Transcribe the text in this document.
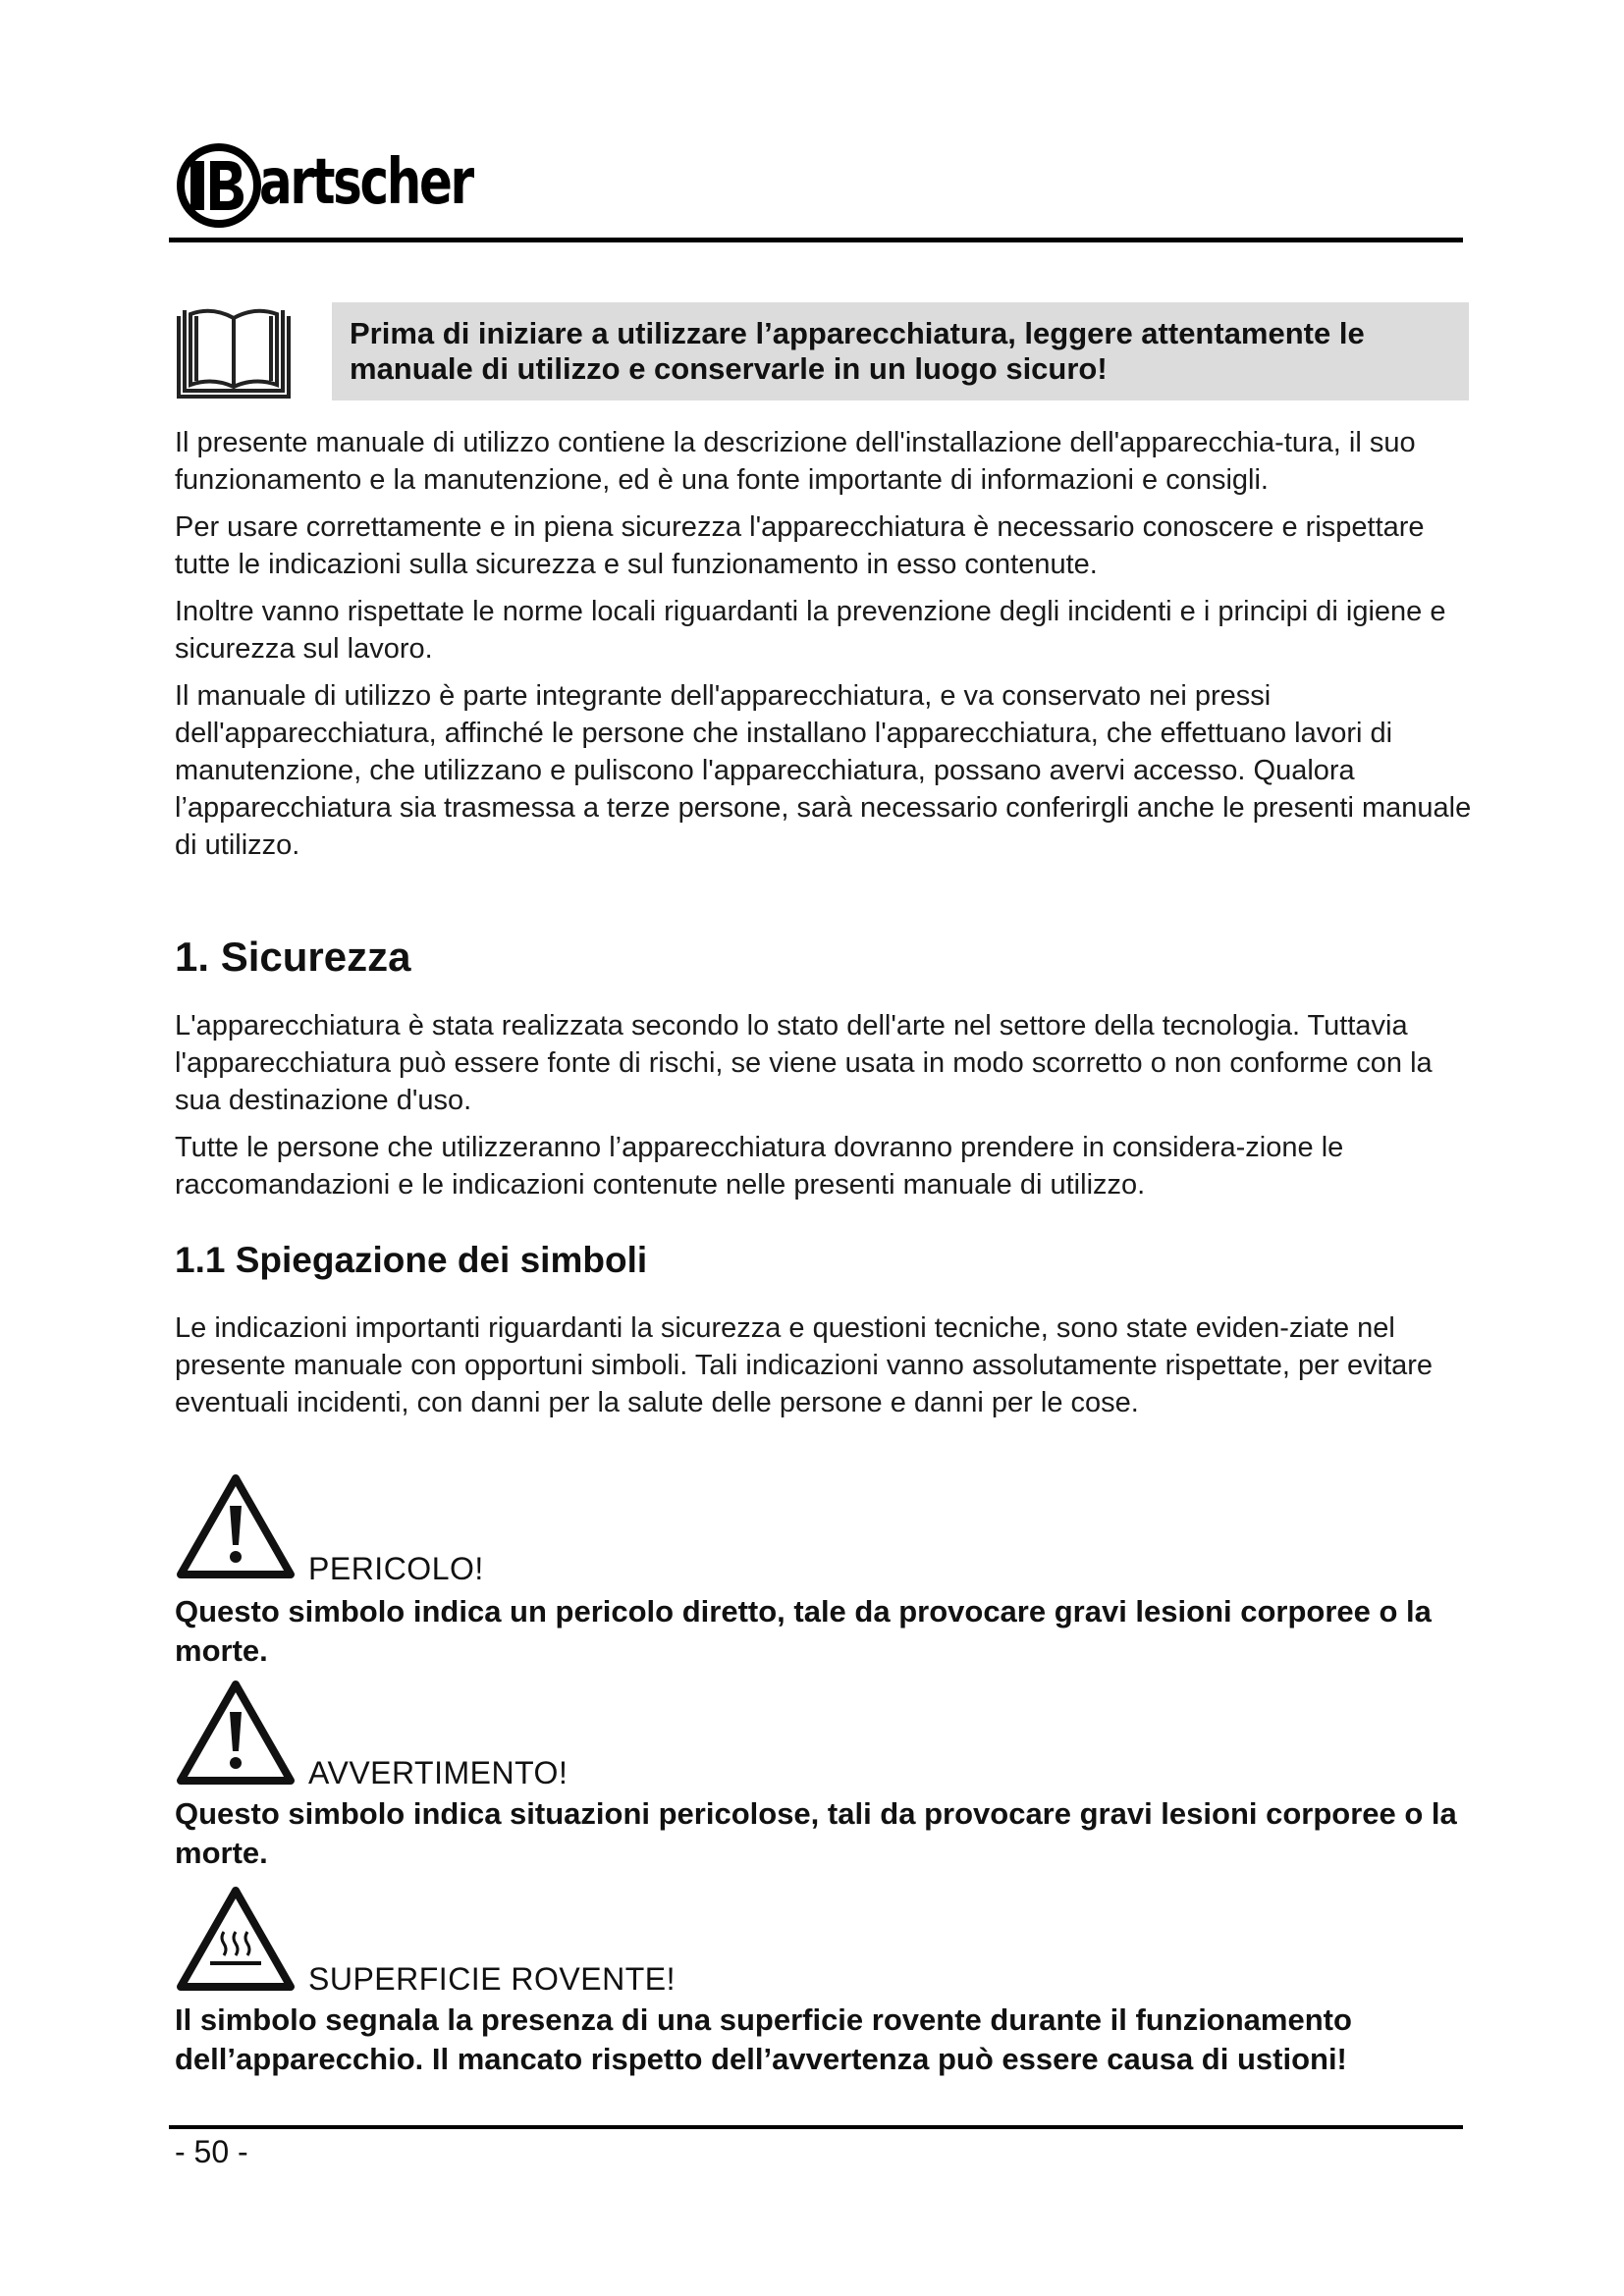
artscher
Prima di iniziare a utilizzare l’apparecchiatura, leggere attentamente le manuale di utilizzo e conservarle in un luogo sicuro!

Il presente manuale di utilizzo contiene la descrizione dell'installazione dell'apparecchia-tura, il suo funzionamento e la manutenzione, ed è una fonte importante di informazioni e consigli.

Per usare correttamente e in piena sicurezza l'apparecchiatura è necessario conoscere e rispettare tutte le indicazioni sulla sicurezza e sul funzionamento in esso contenute.

Inoltre vanno rispettate le norme locali riguardanti la prevenzione degli incidenti e i principi di igiene e sicurezza sul lavoro.

Il manuale di utilizzo è parte integrante dell'apparecchiatura, e va conservato nei pressi dell'apparecchiatura, affinché le persone che installano l'apparecchiatura, che effettuano lavori di manutenzione, che utilizzano e puliscono l'apparecchiatura, possano avervi accesso. Qualora l’apparecchiatura sia trasmessa a terze persone, sarà necessario conferirgli anche le presenti manuale di utilizzo.

1. Sicurezza

L'apparecchiatura è stata realizzata secondo lo stato dell'arte nel settore della tecnologia. Tuttavia l'apparecchiatura può essere fonte di rischi, se viene usata in modo scorretto o non conforme con la sua destinazione d'uso.

Tutte le persone che utilizzeranno l’apparecchiatura dovranno prendere in considera-zione le raccomandazioni e le indicazioni contenute nelle presenti manuale di utilizzo.

1.1 Spiegazione dei simboli

Le indicazioni importanti riguardanti la sicurezza e questioni tecniche, sono state eviden-ziate nel presente manuale con opportuni simboli. Tali indicazioni vanno assolutamente rispettate, per evitare eventuali incidenti, con danni per la salute delle persone e danni per le cose.

PERICOLO!
Questo simbolo indica un pericolo diretto, tale da provocare gravi lesioni corporee o la morte.
AVVERTIMENTO!
Questo simbolo indica situazioni pericolose, tali da provocare gravi lesioni corporee o la morte.
SUPERFICIE ROVENTE!
Il simbolo segnala la presenza di una superficie rovente durante il funzionamento dell’apparecchio. Il mancato rispetto dell’avvertenza può essere causa di ustioni!
- 50 -
